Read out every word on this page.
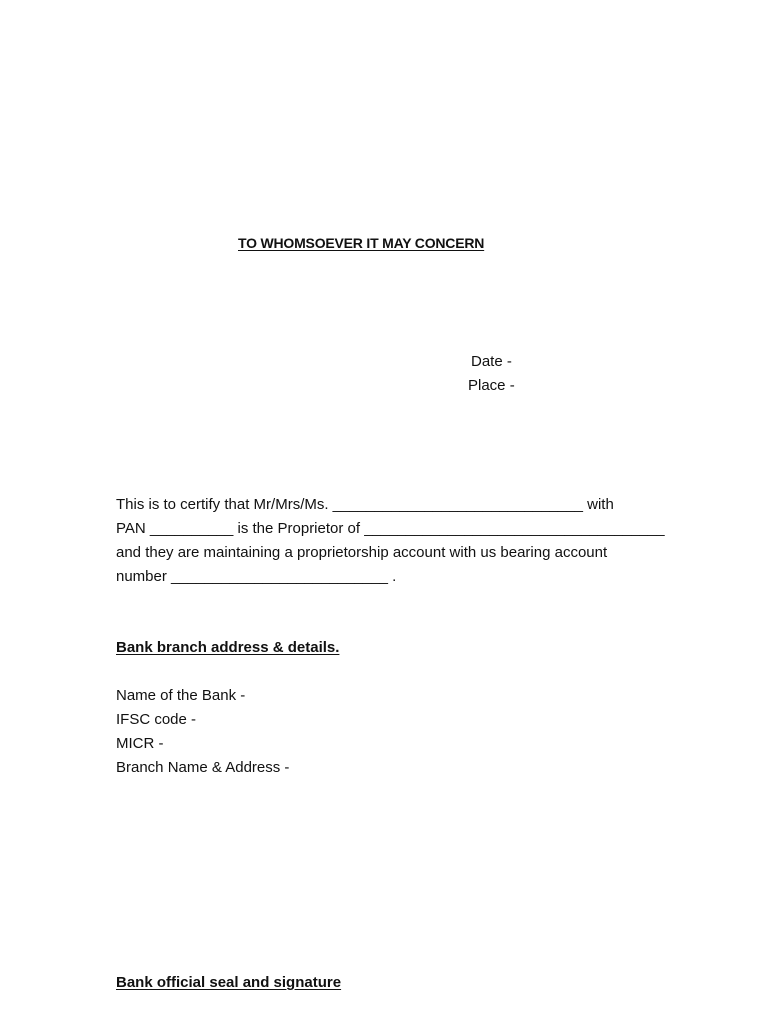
TO WHOMSOEVER IT MAY CONCERN
Date -
Place -
This is to certify that Mr/Mrs/Ms. ______________________________ with
PAN __________ is the Proprietor of ____________________________________
and they are maintaining a proprietorship account with us bearing account
number __________________________ .
Bank branch address & details.
Name of the Bank -
IFSC code -
MICR -
Branch Name & Address -
Bank official seal and signature
